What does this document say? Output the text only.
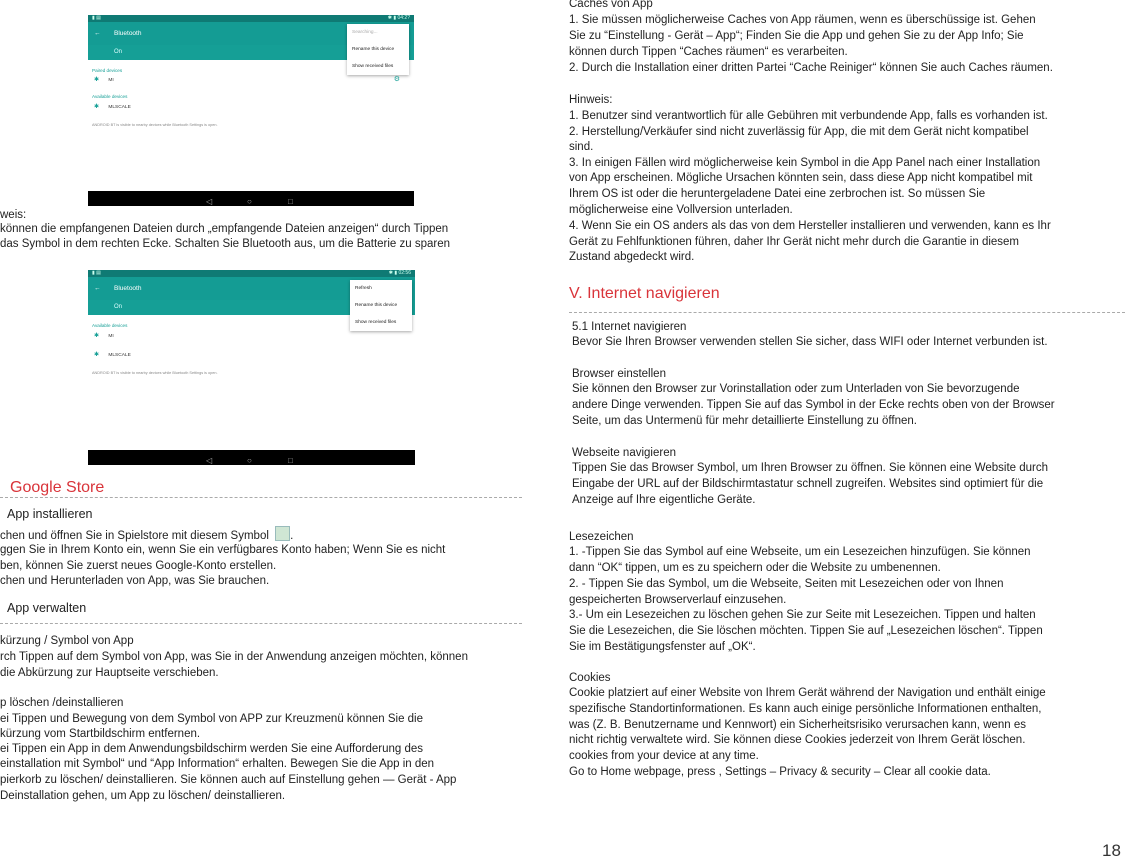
▮ ▤	✱ ▮ 04:2?
← Bluetooth
On
Searching...
Rename this device
Show received files
Paired devices
✱ MI	⚙
Available devices
✱ MLSCALE
ANDROID BT is visible to nearby devices while Bluetooth Settings is open.
◁	○	□
weis:
können die empfangenen Dateien durch „empfangende Dateien anzeigen“ durch Tippen
das Symbol in dem rechten Ecke. Schalten Sie Bluetooth aus, um die Batterie zu sparen
▮ ▤	✱ ▮ 02:56
← Bluetooth
On
Refresh
Rename this device
Show received files
Available devices
✱ MI
✱ MLSCALE
ANDROID BT is visible to nearby devices while Bluetooth Settings is open.
◁	○	□
Google Store
App installieren
chen und öffnen Sie in Spielstore mit diesem Symbol .
ggen Sie in Ihrem Konto ein, wenn Sie ein verfügbares Konto haben; Wenn Sie es nicht
ben, können Sie zuerst neues Google-Konto erstellen.
chen und Herunterladen von App, was Sie brauchen.
App verwalten
kürzung / Symbol von App
rch Tippen auf dem Symbol von App, was Sie in der Anwendung anzeigen möchten, können
die Abkürzung zur Hauptseite verschieben.
p löschen /deinstallieren
ei Tippen und Bewegung von dem Symbol von APP zur Kreuzmenü können Sie die
kürzung vom Startbildschirm entfernen.
ei Tippen ein App in dem Anwendungsbildschirm werden Sie eine Aufforderung des
einstallation mit Symbol“ und “App Information“ erhalten. Bewegen Sie die App in den
pierkorb zu löschen/ deinstallieren. Sie können auch auf Einstellung gehen — Gerät - App
Deinstallation gehen, um App zu löschen/ deinstallieren.
Caches von App
1. Sie müssen möglicherweise Caches von App räumen, wenn es überschüssige ist. Gehen
Sie zu “Einstellung - Gerät – App“; Finden Sie die App und gehen Sie zu der App Info; Sie
können durch Tippen “Caches räumen“ es verarbeiten.
2. Durch die Installation einer dritten Partei “Cache Reiniger“ können Sie auch Caches räumen.
Hinweis:
1. Benutzer sind verantwortlich für alle Gebühren mit verbundende App, falls es vorhanden ist.
2. Herstellung/Verkäufer sind nicht zuverlässig für App, die mit dem Gerät nicht kompatibel
sind.
3. In einigen Fällen wird möglicherweise kein Symbol in die App Panel nach einer Installation
von App erscheinen. Mögliche Ursachen könnten sein, dass diese App nicht kompatibel mit
Ihrem OS ist oder die heruntergeladene Datei eine zerbrochen ist. So müssen Sie
möglicherweise eine Vollversion unterladen.
4. Wenn Sie ein OS anders als das von dem Hersteller installieren und verwenden, kann es Ihr
Gerät zu Fehlfunktionen führen, daher Ihr Gerät nicht mehr durch die Garantie in diesem
Zustand abgedeckt wird.
V. Internet navigieren
5.1 Internet navigieren
Bevor Sie Ihren Browser verwenden stellen Sie sicher, dass WIFI oder Internet verbunden ist.
Browser einstellen
Sie können den Browser zur Vorinstallation oder zum Unterladen von Sie bevorzugende
andere Dinge verwenden. Tippen Sie auf das Symbol in der Ecke rechts oben von der Browser
Seite, um das Untermenü für mehr detaillierte Einstellung zu öffnen.
Webseite navigieren
Tippen Sie das Browser Symbol, um Ihren Browser zu öffnen. Sie können eine Website durch
Eingabe der URL auf der Bildschirmtastatur schnell zugreifen. Websites sind optimiert für die
Anzeige auf Ihre eigentliche Geräte.
Lesezeichen
1. -Tippen Sie das Symbol auf eine Webseite, um ein Lesezeichen hinzufügen. Sie können
dann “OK“ tippen, um es zu speichern oder die Website zu umbenennen.
2. - Tippen Sie das Symbol, um die Webseite, Seiten mit Lesezeichen oder von Ihnen
gespeicherten Browserverlauf einzusehen.
3.- Um ein Lesezeichen zu löschen gehen Sie zur Seite mit Lesezeichen. Tippen und halten
Sie die Lesezeichen, die Sie löschen möchten. Tippen Sie auf „Lesezeichen löschen“. Tippen
Sie im Bestätigungsfenster auf „OK“.
Cookies
Cookie platziert auf einer Website von Ihrem Gerät während der Navigation und enthält einige
spezifische Standortinformationen. Es kann auch einige persönliche Informationen enthalten,
was (Z. B. Benutzername und Kennwort) ein Sicherheitsrisiko verursachen kann, wenn es
nicht richtig verwaltete wird. Sie können diese Cookies jederzeit von Ihrem Gerät löschen.
cookies from your device at any time.
Go to Home webpage, press , Settings – Privacy & security – Clear all cookie data.
18
